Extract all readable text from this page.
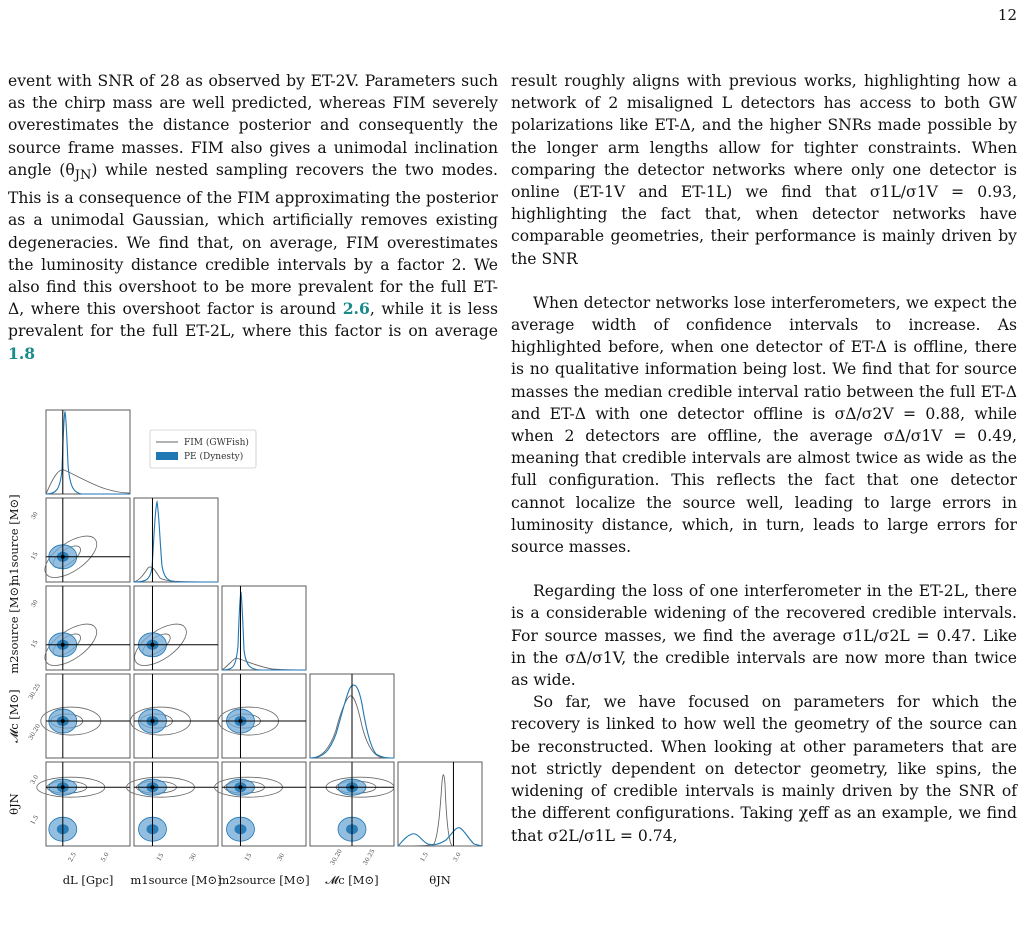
12

event with SNR of 28 as observed by ET-2V. Parameters such as the chirp mass are well predicted, whereas FIM severely overestimates the distance posterior and consequently the source frame masses. FIM also gives a unimodal inclination angle $(\theta_{JN})$ while nested sampling recovers the two modes. This is a consequence of the FIM approximating the posterior as a unimodal Gaussian, which artificially removes existing degeneracies. We find that, on average, FIM overestimates the luminosity distance credible intervals by a factor 2. We also find this overshoot to be more prevalent for the full ET-Δ, where this overshoot factor is around 2.6, while it is less prevalent for the full ET-2L, where this factor is on average 1.8

result roughly aligns with previous works, highlighting how a network of 2 misaligned L detectors has access to both GW polarizations like ET-Δ, and the higher SNRs made possible by the longer arm lengths allow for tighter constraints. When comparing the detector networks where only one detector is online (ET-1V and ET-1L) we find that σ1L/σ1V = 0.93, highlighting the fact that, when detector networks have comparable geometries, their performance is mainly driven by the SNR

When detector networks lose interferometers, we expect the average width of confidence intervals to increase. As highlighted before, when one detector of ET-Δ is offline, there is no qualitative information being lost. We find that for source masses the median credible interval ratio between the full ET-Δ and ET-Δ with one detector offline is σΔ/σ2V = 0.88, while when 2 detectors are offline, the average σΔ/σ1V = 0.49, meaning that credible intervals are almost twice as wide as the full configuration. This reflects the fact that one detector cannot localize the source well, leading to large errors in luminosity distance, which, in turn, leads to large errors for source masses.

Regarding the loss of one interferometer in the ET-2L, there is a considerable widening of the recovered credible intervals. For source masses, we find the average σ1L/σ2L = 0.47. Like in the σΔ/σ1V, the credible intervals are now more than twice as wide.

So far, we have focused on parameters for which the recovery is linked to how well the geometry of the source can be reconstructed. When looking at other parameters that are not strictly dependent on detector geometry, like spins, the widening of credible intervals is mainly driven by the SNR of the different configurations. Taking χeff as an example, we find that σ2L/σ1L = 0.74,

FIM (GWFish)
PE (Dynesty)
dL [Gpc]
2.5	5.0
m1source [M⊙]
15	30
m2source [M⊙]
15	30
𝓜c [M⊙]
30.20	30.25
θJN
1.5	3.0
m1source [M⊙] 30
15
m2source [M⊙] 30
15
𝓜c [M⊙] 30.25
30.20
θJN
3.0
1.5
